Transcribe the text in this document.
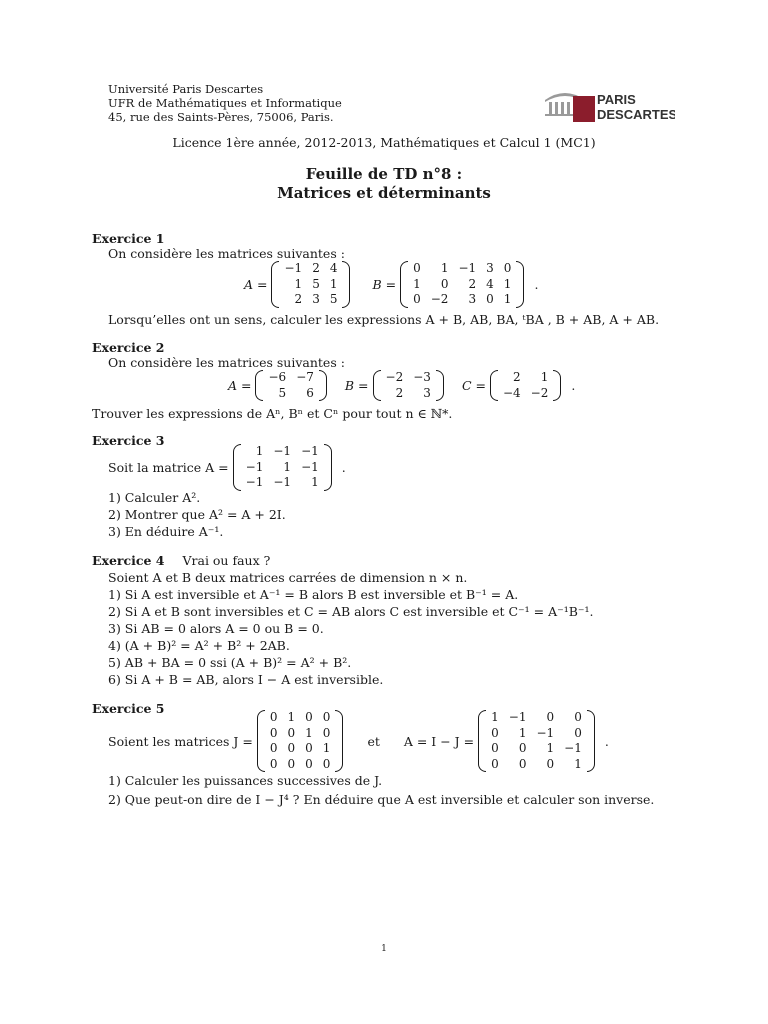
Université Paris Descartes
UFR de Mathématiques et Informatique
45, rue des Saints-Pères, 75006, Paris.
PARIS
DESCARTES
Licence 1ère année, 2012-2013, Mathématiques et Calcul 1 (MC1)
Feuille de TD n°8 :
Matrices et déterminants
Exercice 1
On considère les matrices suivantes :
A =
−1	2	4
1	5	1
2	3	5
B =
0	1	−1	3	0
1	0	2	4	1
0	−2	3	0	1
.
Lorsqu’elles ont un sens, calculer les expressions A + B, AB, BA, ᵗBA , B + AB, A + AB.
Exercice 2
On considère les matrices suivantes :
A =
−6	−7
5	6 B =
−2	−3
2	3 C =
2	1
−4	−2 .
Trouver les expressions de Aⁿ, Bⁿ et Cⁿ pour tout n ∈ ℕ*.
Exercice 3
Soit la matrice A =
1	−1	−1
−1	1	−1
−1	−1	1
.
1) Calculer A².
2) Montrer que A² = A + 2I.
3) En déduire A⁻¹.
Exercice 4 Vrai ou faux ?
Soient A et B deux matrices carrées de dimension n × n.
1) Si A est inversible et A⁻¹ = B alors B est inversible et B⁻¹ = A.
2) Si A et B sont inversibles et C = AB alors C est inversible et C⁻¹ = A⁻¹B⁻¹.
3) Si AB = 0 alors A = 0 ou B = 0.
4) (A + B)² = A² + B² + 2AB.
5) AB + BA = 0 ssi (A + B)² = A² + B².
6) Si A + B = AB, alors I − A est inversible.
Exercice 5
Soient les matrices J =
0	1	0	0
0	0	1	0
0	0	0	1
0	0	0	0
et A = I − J =
1	−1	0	0
0	1	−1	0
0	0	1	−1
0	0	0	1
.
1) Calculer les puissances successives de J.
2) Que peut-on dire de I − J⁴ ? En déduire que A est inversible et calculer son inverse.
1
